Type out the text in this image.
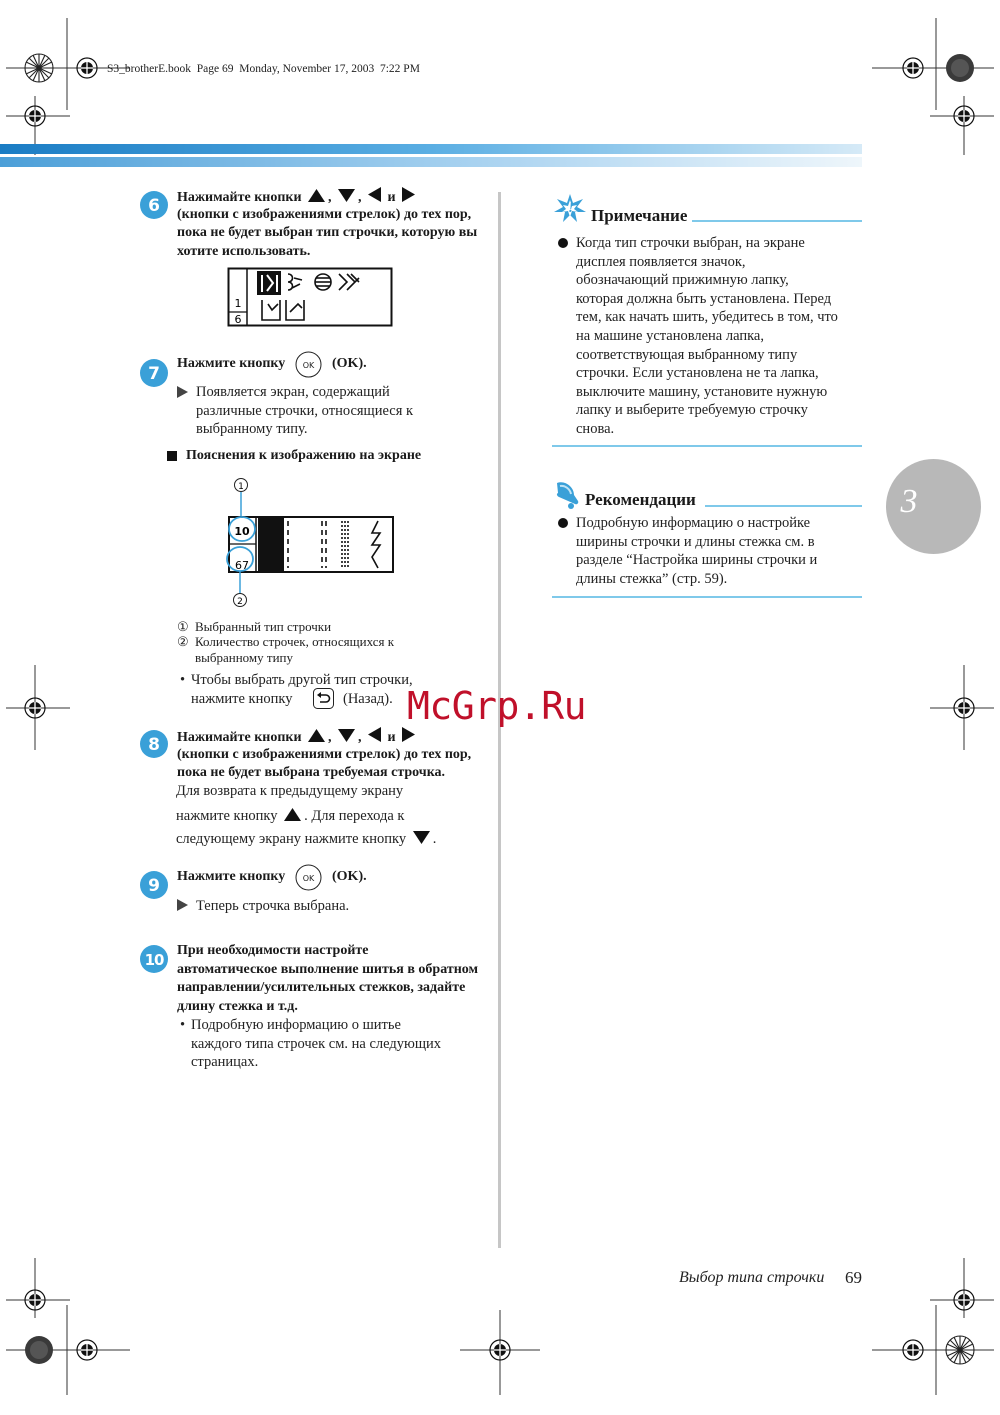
S3_brotherE.book  Page 69  Monday, November 17, 2003  7:22 PM
6 Нажимайте кнопки , , и
(кнопки с изображениями стрелок) до тех пор,
пока не будет выбран тип строчки, которую вы
хотите использовать.
1
6
7
Нажмите кнопку OK (OK).
Появляется экран, содержащий
различные строчки, относящиеся к
выбранному типу.
Пояснения к изображению на экране
1
10
67
2
① Выбранный тип строчки
② Количество строчек, относящихся к
выбранному типу
• Чтобы выбрать другой тип строчки,
нажмите кнопку	(Назад).
8 Нажимайте кнопки , , и
(кнопки с изображениями стрелок) до тех пор,
пока не будет выбрана требуемая строчка.
Для возврата к предыдущему экрану
нажмите кнопку . Для перехода к
следующему экрану нажмите кнопку .
9 Нажмите кнопку OK (OK).
Теперь строчка выбрана.
10
При необходимости настройте
автоматическое выполнение шитья в обратном
направлении/усилительных стежков, задайте
длину стежка и т.д.
• Подробную информацию о шитье
каждого типа строчек см. на следующих
страницах.
! Примечание
Когда тип строчки выбран, на экране
дисплея появляется значок,
обозначающий прижимную лапку,
которая должна быть установлена. Перед
тем, как начать шить, убедитесь в том, что
на машине установлена лапка,
соответствующая выбранному типу
строчки. Если установлена не та лапка,
выключите машину, установите нужную
лапку и выберите требуемую строчку
снова.
Рекомендации
Подробную информацию о настройке
ширины строчки и длины стежка см. в
разделе “Настройка ширины строчки и
длины стежка” (стр. 59).
3
McGrp.Ru
Выбор типа строчки 69
